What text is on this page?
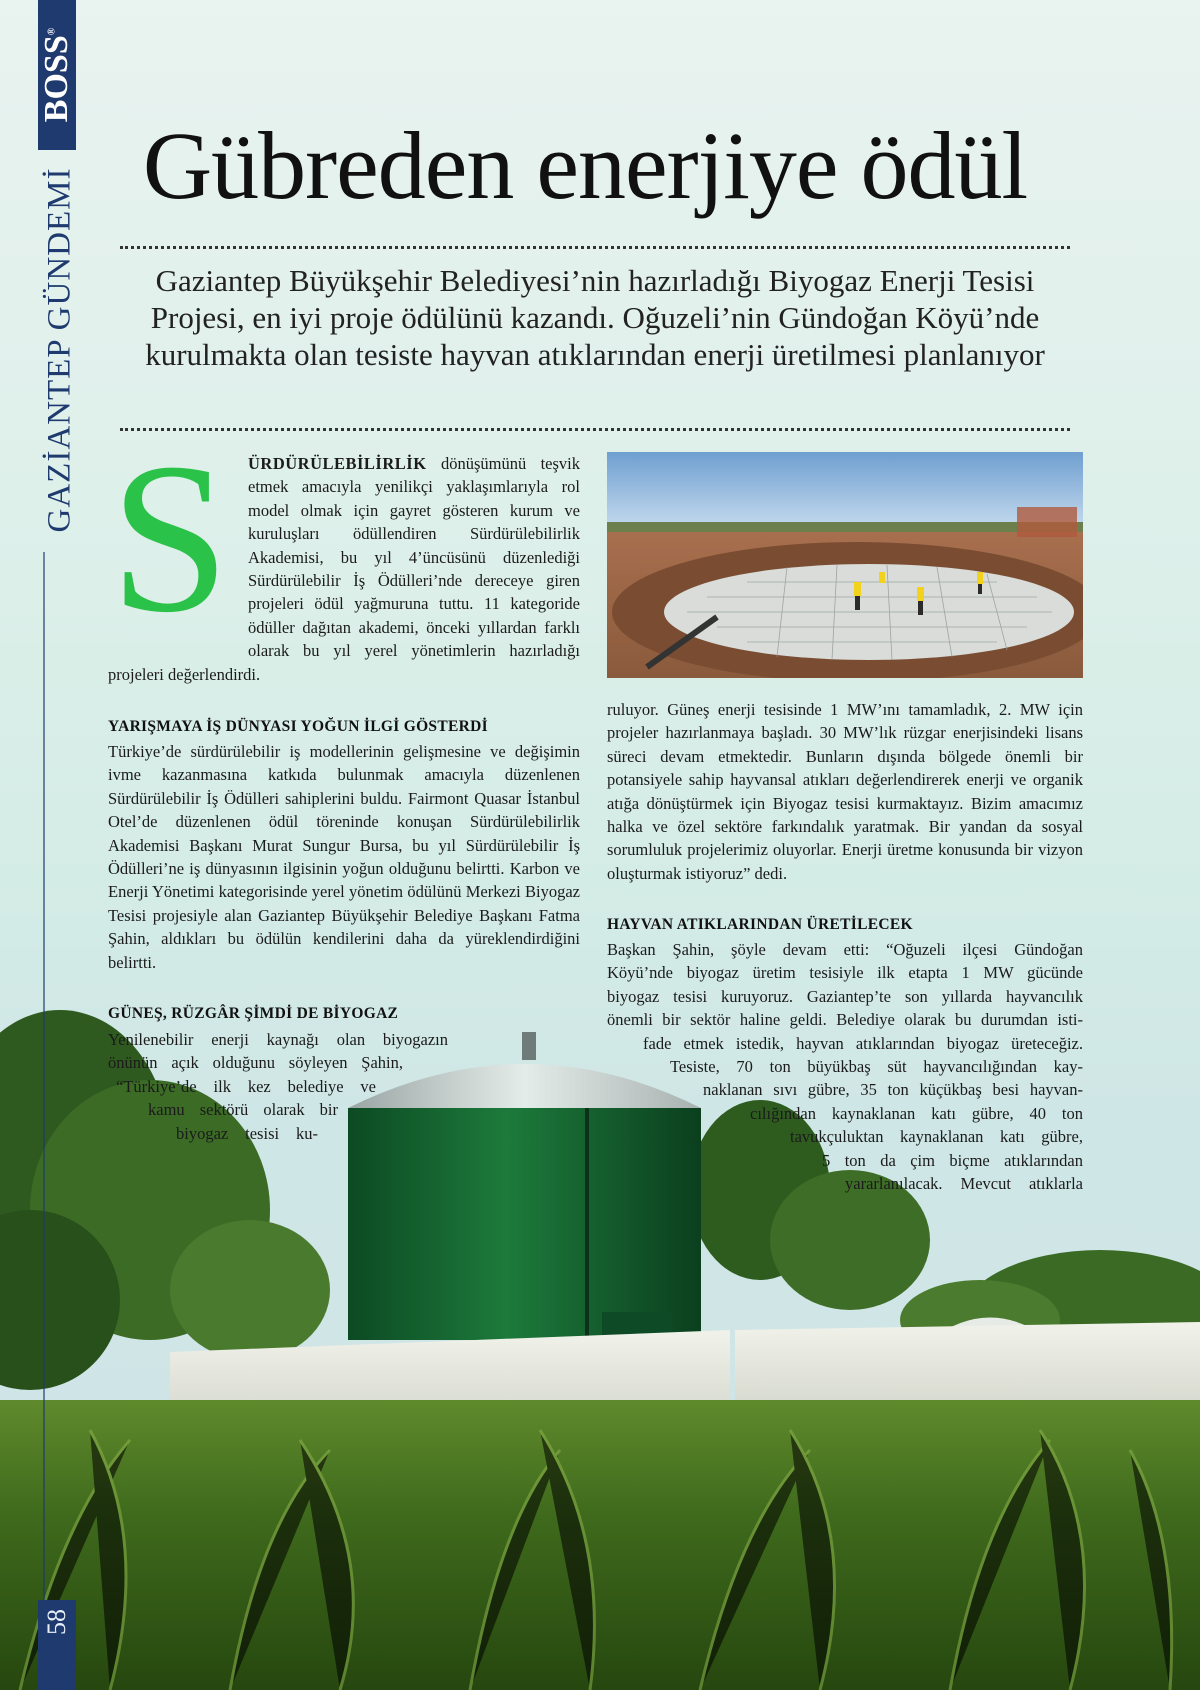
BOSS®
GAZİANTEP GÜNDEMİ
58
Gübreden enerjiye ödül
Gaziantep Büyükşehir Belediyesi’nin hazırladığı Biyogaz Enerji Tesisi Projesi, en iyi proje ödülünü kazandı. Oğuzeli’nin Gündoğan Köyü’nde kurulmakta olan tesiste hayvan atıklarından enerji üretilmesi planlanıyor
S	ÜRDÜRÜLEBİLİRLİK dönüşümünü teşvik etmek amacıyla yenilikçi yaklaşımlarıyla rol model olmak için gayret gösteren kurum ve kuruluşları ödüllendiren Sürdürülebilirlik Akademisi, bu yıl 4’üncüsünü düzenlediği Sürdürülebilir İş Ödülleri’nde dereceye giren projeleri ödül yağmuruna tuttu. 11 kategoride ödüller dağıtan akademi, önceki yıllardan farklı olarak bu yıl yerel yönetimlerin hazırladığı projeleri değerlendirdi.
YARIŞMAYA İŞ DÜNYASI YOĞUN İLGİ GÖSTERDİ
Türkiye’de sürdürülebilir iş modellerinin gelişmesine ve değişimin ivme kazanmasına katkıda bulunmak amacıyla düzenlenen Sürdürülebilir İş Ödülleri sahiplerini buldu. Fairmont Quasar İstanbul Otel’de düzenlenen ödül töreninde konuşan Sürdürülebilirlik Akademisi Başkanı Murat Sungur Bursa, bu yıl Sürdürülebilir İş Ödülleri’ne iş dünyasının ilgisinin yoğun olduğunu belirtti. Karbon ve Enerji Yönetimi kategorisinde yerel yönetim ödülünü Merkezi Biyogaz Tesisi projesiyle alan Gaziantep Büyükşehir Belediye Başkanı Fatma Şahin, aldıkları bu ödülün kendilerini daha da yüreklendirdiğini belirtti.
GÜNEŞ, RÜZGÂR ŞİMDİ DE BİYOGAZ
Yenilenebilir enerji kaynağı olan biyogazın
önünün açık olduğunu söyleyen Şahin,
“Türkiye’de ilk kez belediye ve
kamu sektörü olarak bir
biyogaz tesisi ku-
ruluyor. Güneş enerji tesisinde 1 MW’ını tamamladık, 2. MW için projeler hazırlanmaya başladı. 30 MW’lık rüzgar enerjisindeki lisans süreci devam etmektedir. Bunların dışında bölgede önemli bir potansiyele sahip hayvansal atıkları değerlendirerek enerji ve organik atığa dönüştürmek için Biyogaz tesisi kurmaktayız. Bizim amacımız halka ve özel sektöre farkındalık yaratmak. Bir yandan da sosyal sorumluluk projelerimiz oluyorlar. Enerji üretme konusunda bir vizyon oluşturmak istiyoruz” dedi.
HAYVAN ATIKLARINDAN ÜRETİLECEK
Başkan Şahin, şöyle devam etti: “Oğuzeli ilçesi Gündoğan
Köyü’nde biyogaz üretim tesisiyle ilk etapta 1 MW gücünde
biyogaz tesisi kuruyoruz. Gaziantep’te son yıllarda hayvancılık
önemli bir sektör haline geldi. Belediye olarak bu durumdan isti-
fade etmek istedik, hayvan atıklarından biyogaz üreteceğiz.
Tesiste, 70 ton büyükbaş süt hayvancılığından kay-
naklanan sıvı gübre, 35 ton küçükbaş besi hayvan-
cılığından kaynaklanan katı gübre, 40 ton
tavukçuluktan kaynaklanan katı gübre,
5 ton da çim biçme atıklarından
yararlanılacak. Mevcut atıklarla
